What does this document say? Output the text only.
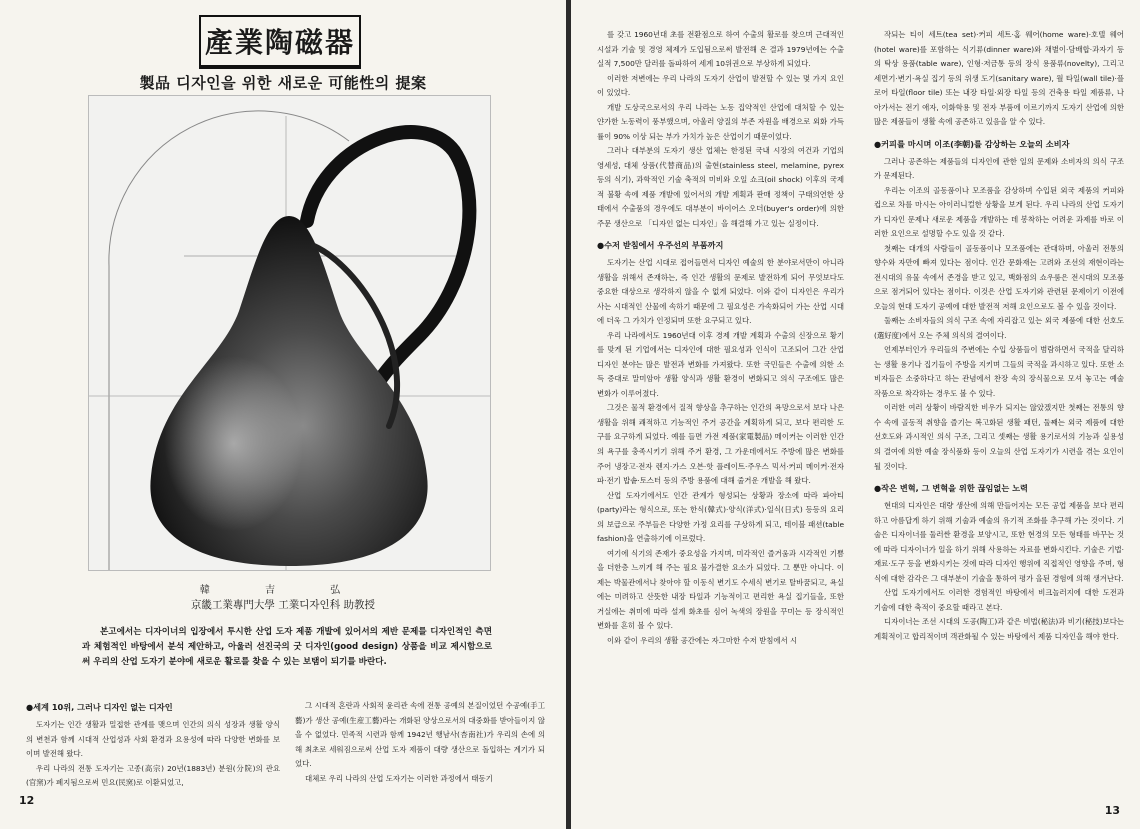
產業陶磁器
製品 디자인을 위한 새로운 可能性의 提案
韓 吉 弘
京畿工業專門大學 工業디자인科 助教授
본고에서는 디자이너의 입장에서 투시한 산업 도자 제품 개발에 있어서의 제반 문제를 디자인적인 측면과 체험적인 바탕에서 분석 제안하고, 아울러 선진국의 굿 디자인(good design) 상품을 비교 제시함으로써 우리의 산업 도자기 분야에 새로운 활로를 찾을 수 있는 보탬이 되기를 바란다.
●세계 10위, 그러나 디자인 없는 디자인

도자기는 인간 생활과 밀접한 관계를 맺으며 인간의 의식 성장과 생활 양식의 변천과 함께 시대적 산업성과 사회 환경과 요용성에 따라 다양한 변화를 보이며 발전해 왔다.

우리 나라의 전통 도자기는 고종(高宗) 20년(1883년) 분원(分院)의 관요(官窯)가 폐지됨으로써 민요(民窯)로 이환되었고,

그 시대적 혼란과 사회적 윤리관 속에 전통 공예의 본질이었던 수공예(手工藝)가 생산 공예(生産工藝)라는 개화된 양상으로서의 대중화를 받아들이지 않을 수 없었다. 민족적 시련과 함께 1942년 행남사(杏南社)가 우리의 손에 의해 최초로 세워짐으로써 산업 도자 제품이 대량 생산으로 돌입하는 계기가 되었다.

대체로 우리 나라의 산업 도자기는 이러한 과정에서 태동기

12

를 갖고 1960년대 초를 전환점으로 하여 수출의 활로를 찾으며 근대적인 시설과 기술 및 경영 체제가 도입됨으로써 발전해 온 결과 1979년에는 수출 실적 7,500만 달러를 돌파하여 세계 10위권으로 부상하게 되었다.

이러한 저변에는 우리 나라의 도자기 산업이 발전할 수 있는 몇 가지 요인이 있었다.

개발 도상국으로서의 우리 나라는 노동 집약적인 산업에 대처할 수 있는 얀가한 노동력이 풍부했으며, 아울러 양질의 부존 자원을 배경으로 외화 가득률이 90% 이상 되는 부가 가치가 높은 산업이기 때문이었다.

그러나 대부분의 도자기 생산 업체는 한정된 국내 시장의 여건과 기업의 영세성, 대체 상품(代替商品)의 출현(stainless steel, melamine, pyrex 등의 식기), 과학적인 기술 축적의 미비와 오일 쇼크(oil shock) 이후의 국제적 불황 속에 제품 개발에 있어서의 개발 계획과 판매 정책이 구태의연한 상태에서 수출품의 경우에도 대부분이 바이어스 오더(buyer's order)에 의한 주문 생산으로 「디자인 없는 디자인」을 해결해 가고 있는 실정이다.

●수저 받침에서 우주선의 부품까지

도자기는 산업 시대로 접어들면서 디자인 예술의 한 분야로서만이 아니라 생활을 위해서 존재하는, 즉 인간 생활의 문제로 발전하게 되어 무엇보다도 중요한 대상으로 생각하지 않을 수 없게 되었다. 이와 같이 디자인은 우리가 사는 시대적인 산물에 속하기 때문에 그 필요성은 가속화되어 가는 산업 시대에 더욱 그 가치가 인정되며 또한 요구되고 있다.

우리 나라에서도 1960년대 이후 경제 개발 계획과 수출의 신장으로 황기를 맞게 된 기업에서는 디자인에 대한 필요성과 인식이 고조되어 그간 산업 디자인 분야는 많은 발전과 변화를 가져왔다. 또한 국민들은 수출에 의한 소득 증대로 말미암아 생활 양식과 생활 환경이 변화되고 의식 구조에도 많은 변화가 이루어졌다.

그것은 물적 환경에서 질적 향상을 추구하는 인간의 욕망으로서 보다 나은 생활을 위해 쾌적하고 기능적인 주거 공간을 계획하게 되고, 보다 편리한 도구를 요구하게 되었다. 예를 들면 가전 제품(家電製品) 메이커는 이러한 인간의 욕구를 충족시키기 위해 주거 환경, 그 가운데에서도 주방에 많은 변화를 주어 냉장고·전자 렌지·가스 오븐·핫 플레이트·주우스 믹서·커피 메이커·전자 파·전기 밥솥·토스터 등의 주방 용품에 대해 줄거운 개발을 해 왔다.

산업 도자기에서도 인간 관계가 형성되는 상황과 장소에 따라 파아티(party)라는 형식으로, 또는 한식(韓式)·양식(洋式)·일식(日式) 등등의 요리의 보급으로 주부들은 다양한 가정 요리를 구상하게 되고, 테이블 패션(table fashion)을 연출하기에 이르렀다.

여기에 식기의 존재가 중요성을 가지며, 미각적인 즐거움과 시각적인 기쁨을 더한층 느끼게 해 주는 필요 불가결한 요소가 되었다. 그 뿐만 아니다. 이제는 박물관에서나 찾아야 할 이동식 변기도 수세식 변기로 탈바꿈되고, 욕실에는 미려하고 산뜻한 내장 타일과 기능적이고 편리한 욕실 집기들을, 또한 거실에는 취미에 따라 설계 화초를 심어 녹색의 장원을 꾸미는 등 장식적인 변화를 흔히 볼 수 있다.

이와 같이 우리의 생활 공간에는 자그마한 수저 받침에서 시

작되는 티이 세트(tea set)·커피 세트·홈 웨어(home ware)·호텔 웨어(hotel ware)를 포함하는 식기류(dinner ware)와 채별이·담배합·과자기 등의 탁상 용품(table ware), 인형·저금통 등의 장식 용품류(novelty), 그리고 세면기·변기·욕실 집기 등의 위생 도기(sanitary ware), 월 타일(wall tile)·플로어 타일(floor tile) 또는 내장 타일·외장 타일 등의 건축용 타일 제품류, 나아가서는 전기 애자, 이화학용 및 전자 부품에 이르기까지 도자기 산업에 의한 많은 제품들이 생활 속에 공존하고 있음을 알 수 있다.

●커피를 마시며 이조(李朝)를 감상하는 오늘의 소비자

그러나 공존하는 제품들의 디자인에 관한 일의 문제와 소비자의 의식 구조가 문제된다.

우리는 이조의 골동품이나 모조품을 감상하며 수입된 외국 제품의 커피와 컵으로 차를 마시는 아이러니컬한 상황을 보게 된다. 우리 나라의 산업 도자기가 디자인 문제나 새로운 제품을 개발하는 데 봉착하는 어려운 과제를 바로 이러한 요인으로 설명할 수도 있을 것 같다.

첫째는 대개의 사람들이 골동품이나 모조품에는 관대하며, 아울러 전통의 향수와 자만에 빠져 있다는 점이다. 인간 문화재는 고려와 조선의 재현이라는 전시대의 유물 속에서 존경을 받고 있고, 백화점의 쇼우룸은 전시대의 모조품으로 점거되어 있다는 점이다. 이것은 산업 도자기와 관련된 문제이기 이전에 오늘의 현대 도자기 공예에 대한 발전적 저해 요인으로도 볼 수 있을 것이다.

둘째는 소비자들의 의식 구조 속에 자리잡고 있는 외국 제품에 대한 선호도(選好度)에서 오는 주체 의식의 결여이다.

언제부터인가 우리들의 주변에는 수입 상품들이 범람하면서 국적을 달리하는 생활 용기나 집기들이 주방을 지키며 그들의 국적을 과시하고 있다. 또한 소비자들은 소중하다고 하는 관념에서 찬장 속의 장식물으로 모셔 놓고는 예술 작품으로 착각하는 경우도 볼 수 있다.

이러한 여러 상황이 바람직한 비우가 되지는 않았겠지만 첫째는 전통의 향수 속에 골동적 취향을 즐기는 복고화된 생활 패턴, 둘째는 외국 제품에 대한 선호도와 과시적인 의식 구조, 그리고 셋째는 생활 용기로서의 기능과 실용성의 결여에 의한 예술 장식품화 등이 오늘의 산업 도자기가 시련을 겪는 요인이 될 것이다.

●작은 변혁, 그 변혁을 위한 끊임없는 노력

현대의 디자인은 대량 생산에 의해 만들어지는 모든 공업 제품을 보다 편리하고 아름답게 하기 위해 기술과 예술의 유기적 조화를 추구해 가는 것이다. 기술은 디자이너를 둘러싼 환경을 보양시고, 또한 현경의 모든 형태를 바꾸는 것에 따라 디자이너가 일을 하기 위해 사용하는 자료를 변화시킨다. 기술은 기법·재료·도구 등을 변화시키는 것에 따라 디자인 행위에 직접적인 영향을 주며, 형식에 대한 감각은 그 대부분이 기술을 통하여 평가 을된 경험에 의해 생겨난다.

산업 도자기에서도 이러한 경험적인 바탕에서 비크놀러지에 대한 도전과 기술에 대한 축적이 중요할 때라고 본다.

디자이너는 조선 시대의 도공(陶工)과 같은 비법(秘法)과 비기(秘技)보다는 계획적이고 합리적이며 객관화될 수 있는 바탕에서 제품 디자인을 해야 한다.

13
